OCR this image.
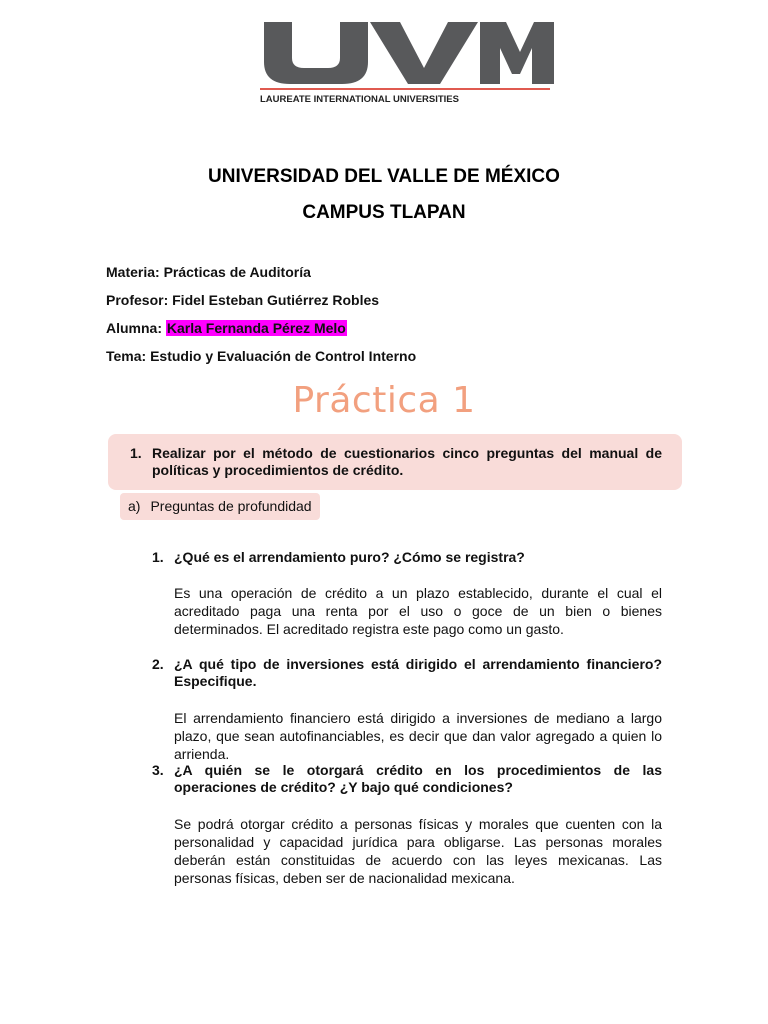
LAUREATE INTERNATIONAL UNIVERSITIES
UNIVERSIDAD DEL VALLE DE MÉXICO
CAMPUS TLAPAN
Materia: Prácticas de Auditoría
Profesor: Fidel Esteban Gutiérrez Robles
Alumna: Karla Fernanda Pérez Melo
Tema: Estudio y Evaluación de Control Interno
Práctica 1
1. Realizar por el método de cuestionarios cinco preguntas del manual de políticas y procedimientos de crédito.
a) Preguntas de profundidad
1. ¿Qué es el arrendamiento puro? ¿Cómo se registra?
Es una operación de crédito a un plazo establecido, durante el cual el acreditado paga una renta por el uso o goce de un bien o bienes determinados. El acreditado registra este pago como un gasto.
2. ¿A qué tipo de inversiones está dirigido el arrendamiento financiero? Especifique.
El arrendamiento financiero está dirigido a inversiones de mediano a largo plazo, que sean autofinanciables, es decir que dan valor agregado a quien lo arrienda.
3. ¿A quién se le otorgará crédito en los procedimientos de las operaciones de crédito? ¿Y bajo qué condiciones?
Se podrá otorgar crédito a personas físicas y morales que cuenten con la personalidad y capacidad jurídica para obligarse. Las personas morales deberán están constituidas de acuerdo con las leyes mexicanas. Las personas físicas, deben ser de nacionalidad mexicana.
